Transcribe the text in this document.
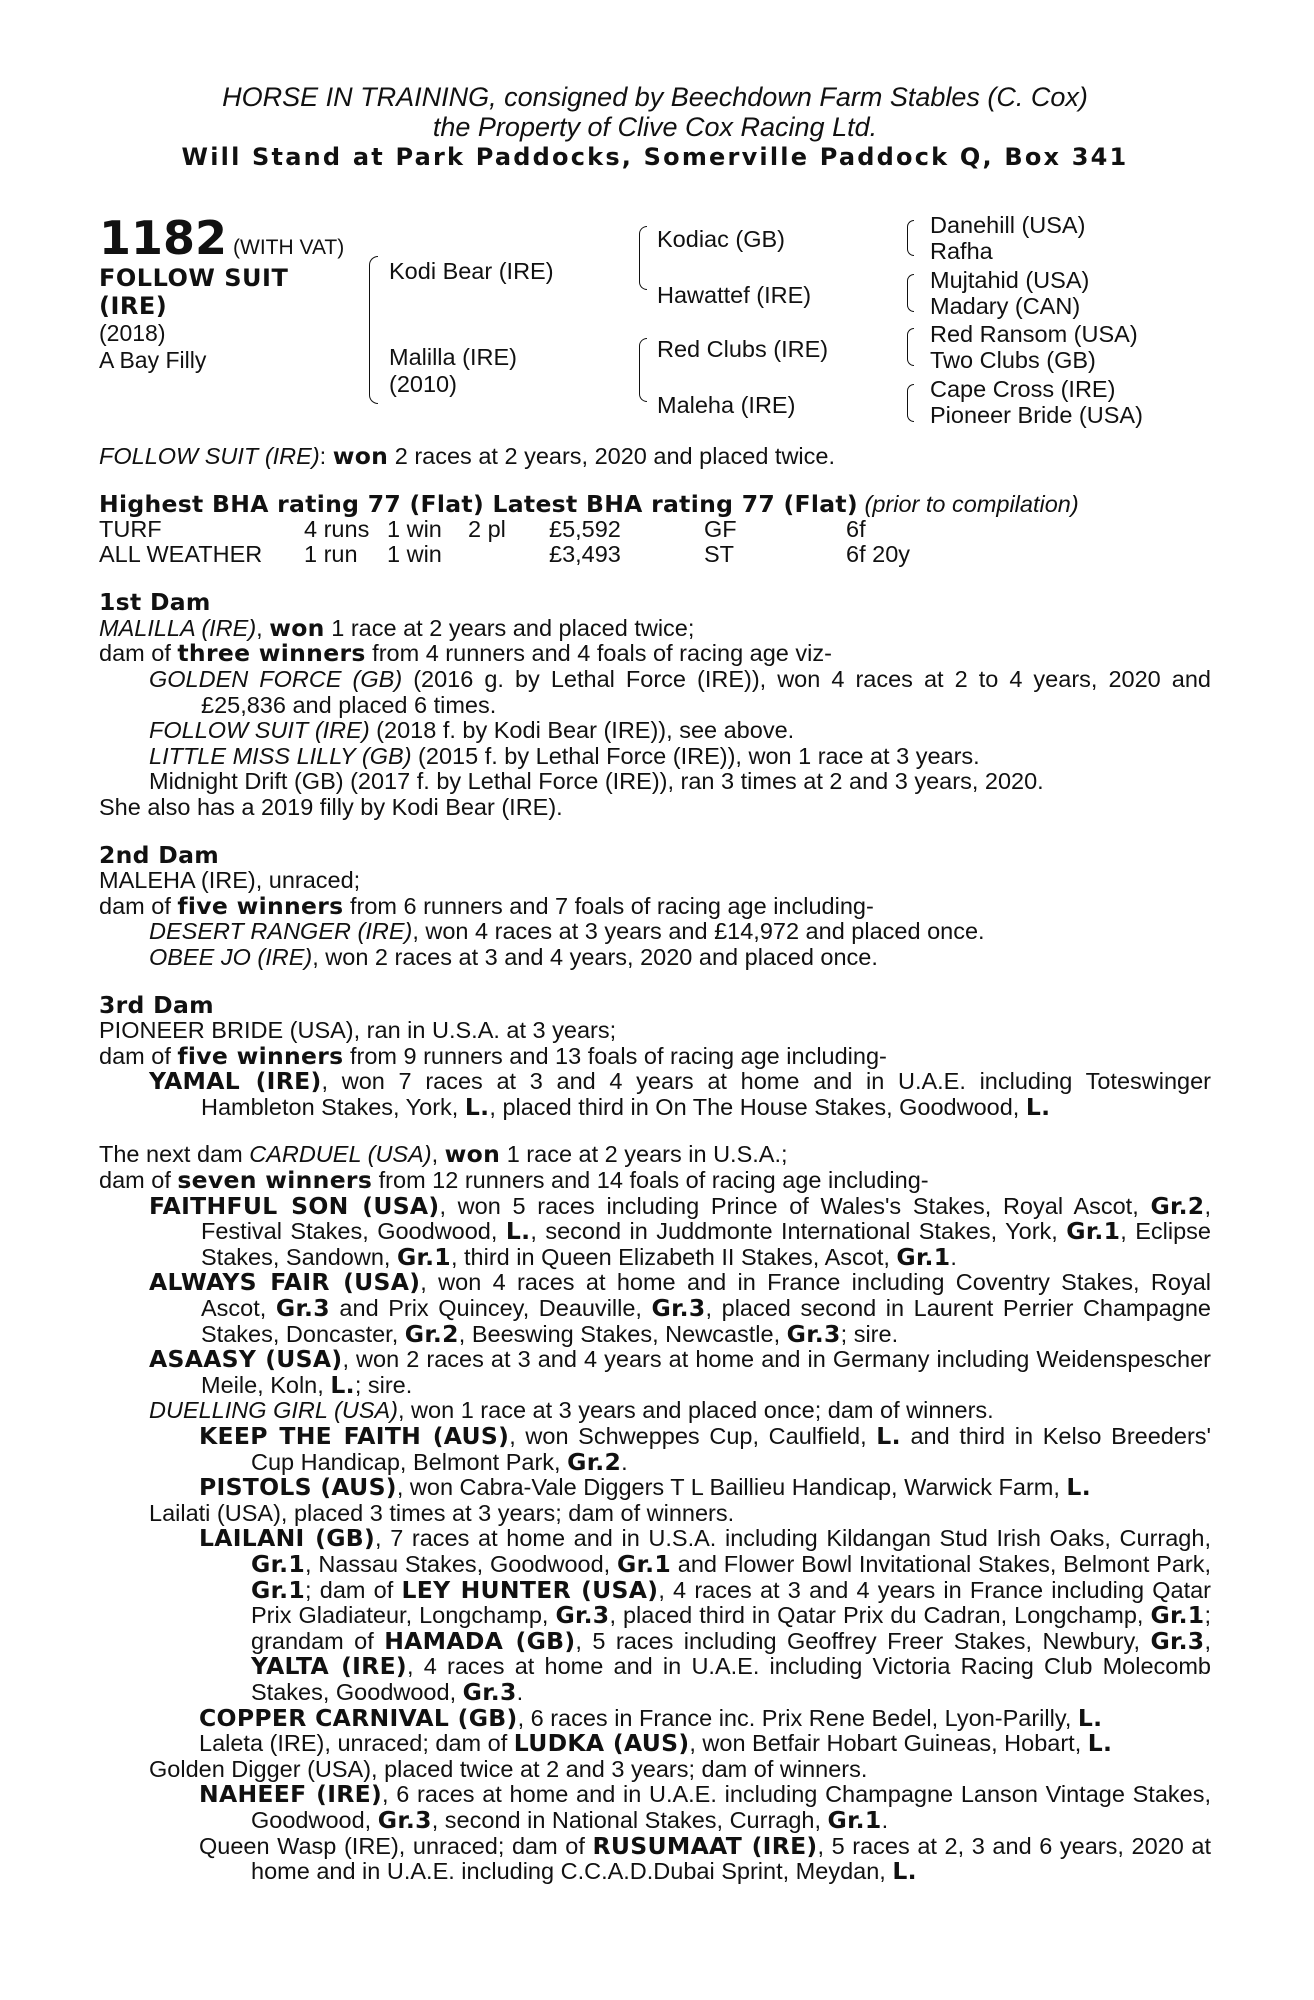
HORSE IN TRAINING, consigned by Beechdown Farm Stables (C. Cox)
the Property of Clive Cox Racing Ltd.
Will Stand at Park Paddocks, Somerville Paddock Q, Box 341
1182 (WITH VAT)
FOLLOW SUIT
(IRE)
(2018)
A Bay Filly
Kodi Bear (IRE)
Malilla (IRE)
(2010)
Kodiac (GB)
Hawattef (IRE)
Red Clubs (IRE)
Maleha (IRE)
Danehill (USA)
Rafha
Mujtahid (USA)
Madary (CAN)
Red Ransom (USA)
Two Clubs (GB)
Cape Cross (IRE)
Pioneer Bride (USA)
FOLLOW SUIT (IRE): won 2 races at 2 years, 2020 and placed twice.
Highest BHA rating 77 (Flat) Latest BHA rating 77 (Flat) (prior to compilation)
TURF	4 runs 1 win 2 pl £5,592	GF	6f
ALL WEATHER 1 run 1 win	£3,493	ST	6f 20y
1st Dam
MALILLA (IRE), won 1 race at 2 years and placed twice;
dam of three winners from 4 runners and 4 foals of racing age viz-
GOLDEN FORCE (GB) (2016 g. by Lethal Force (IRE)), won 4 races at 2 to 4 years, 2020 and £25,836 and placed 6 times.
FOLLOW SUIT (IRE) (2018 f. by Kodi Bear (IRE)), see above.
LITTLE MISS LILLY (GB) (2015 f. by Lethal Force (IRE)), won 1 race at 3 years.
Midnight Drift (GB) (2017 f. by Lethal Force (IRE)), ran 3 times at 2 and 3 years, 2020.
She also has a 2019 filly by Kodi Bear (IRE).
2nd Dam
MALEHA (IRE), unraced;
dam of five winners from 6 runners and 7 foals of racing age including-
DESERT RANGER (IRE), won 4 races at 3 years and £14,972 and placed once.
OBEE JO (IRE), won 2 races at 3 and 4 years, 2020 and placed once.
3rd Dam
PIONEER BRIDE (USA), ran in U.S.A. at 3 years;
dam of five winners from 9 runners and 13 foals of racing age including-
YAMAL (IRE), won 7 races at 3 and 4 years at home and in U.A.E. including Toteswinger Hambleton Stakes, York, L., placed third in On The House Stakes, Goodwood, L.
The next dam CARDUEL (USA), won 1 race at 2 years in U.S.A.;
dam of seven winners from 12 runners and 14 foals of racing age including-
FAITHFUL SON (USA), won 5 races including Prince of Wales's Stakes, Royal Ascot, Gr.2, Festival Stakes, Goodwood, L., second in Juddmonte International Stakes, York, Gr.1, Eclipse Stakes, Sandown, Gr.1, third in Queen Elizabeth II Stakes, Ascot, Gr.1.
ALWAYS FAIR (USA), won 4 races at home and in France including Coventry Stakes, Royal Ascot, Gr.3 and Prix Quincey, Deauville, Gr.3, placed second in Laurent Perrier Champagne Stakes, Doncaster, Gr.2, Beeswing Stakes, Newcastle, Gr.3; sire.
ASAASY (USA), won 2 races at 3 and 4 years at home and in Germany including Weidenspescher Meile, Koln, L.; sire.
DUELLING GIRL (USA), won 1 race at 3 years and placed once; dam of winners.
KEEP THE FAITH (AUS), won Schweppes Cup, Caulfield, L. and third in Kelso Breeders' Cup Handicap, Belmont Park, Gr.2.
PISTOLS (AUS), won Cabra-Vale Diggers T L Baillieu Handicap, Warwick Farm, L.
Lailati (USA), placed 3 times at 3 years; dam of winners.
LAILANI (GB), 7 races at home and in U.S.A. including Kildangan Stud Irish Oaks, Curragh, Gr.1, Nassau Stakes, Goodwood, Gr.1 and Flower Bowl Invitational Stakes, Belmont Park, Gr.1; dam of LEY HUNTER (USA), 4 races at 3 and 4 years in France including Qatar Prix Gladiateur, Longchamp, Gr.3, placed third in Qatar Prix du Cadran, Longchamp, Gr.1; grandam of HAMADA (GB), 5 races including Geoffrey Freer Stakes, Newbury, Gr.3, YALTA (IRE), 4 races at home and in U.A.E. including Victoria Racing Club Molecomb Stakes, Goodwood, Gr.3.
COPPER CARNIVAL (GB), 6 races in France inc. Prix Rene Bedel, Lyon-Parilly, L.
Laleta (IRE), unraced; dam of LUDKA (AUS), won Betfair Hobart Guineas, Hobart, L.
Golden Digger (USA), placed twice at 2 and 3 years; dam of winners.
NAHEEF (IRE), 6 races at home and in U.A.E. including Champagne Lanson Vintage Stakes, Goodwood, Gr.3, second in National Stakes, Curragh, Gr.1.
Queen Wasp (IRE), unraced; dam of RUSUMAAT (IRE), 5 races at 2, 3 and 6 years, 2020 at home and in U.A.E. including C.C.A.D.Dubai Sprint, Meydan, L.
